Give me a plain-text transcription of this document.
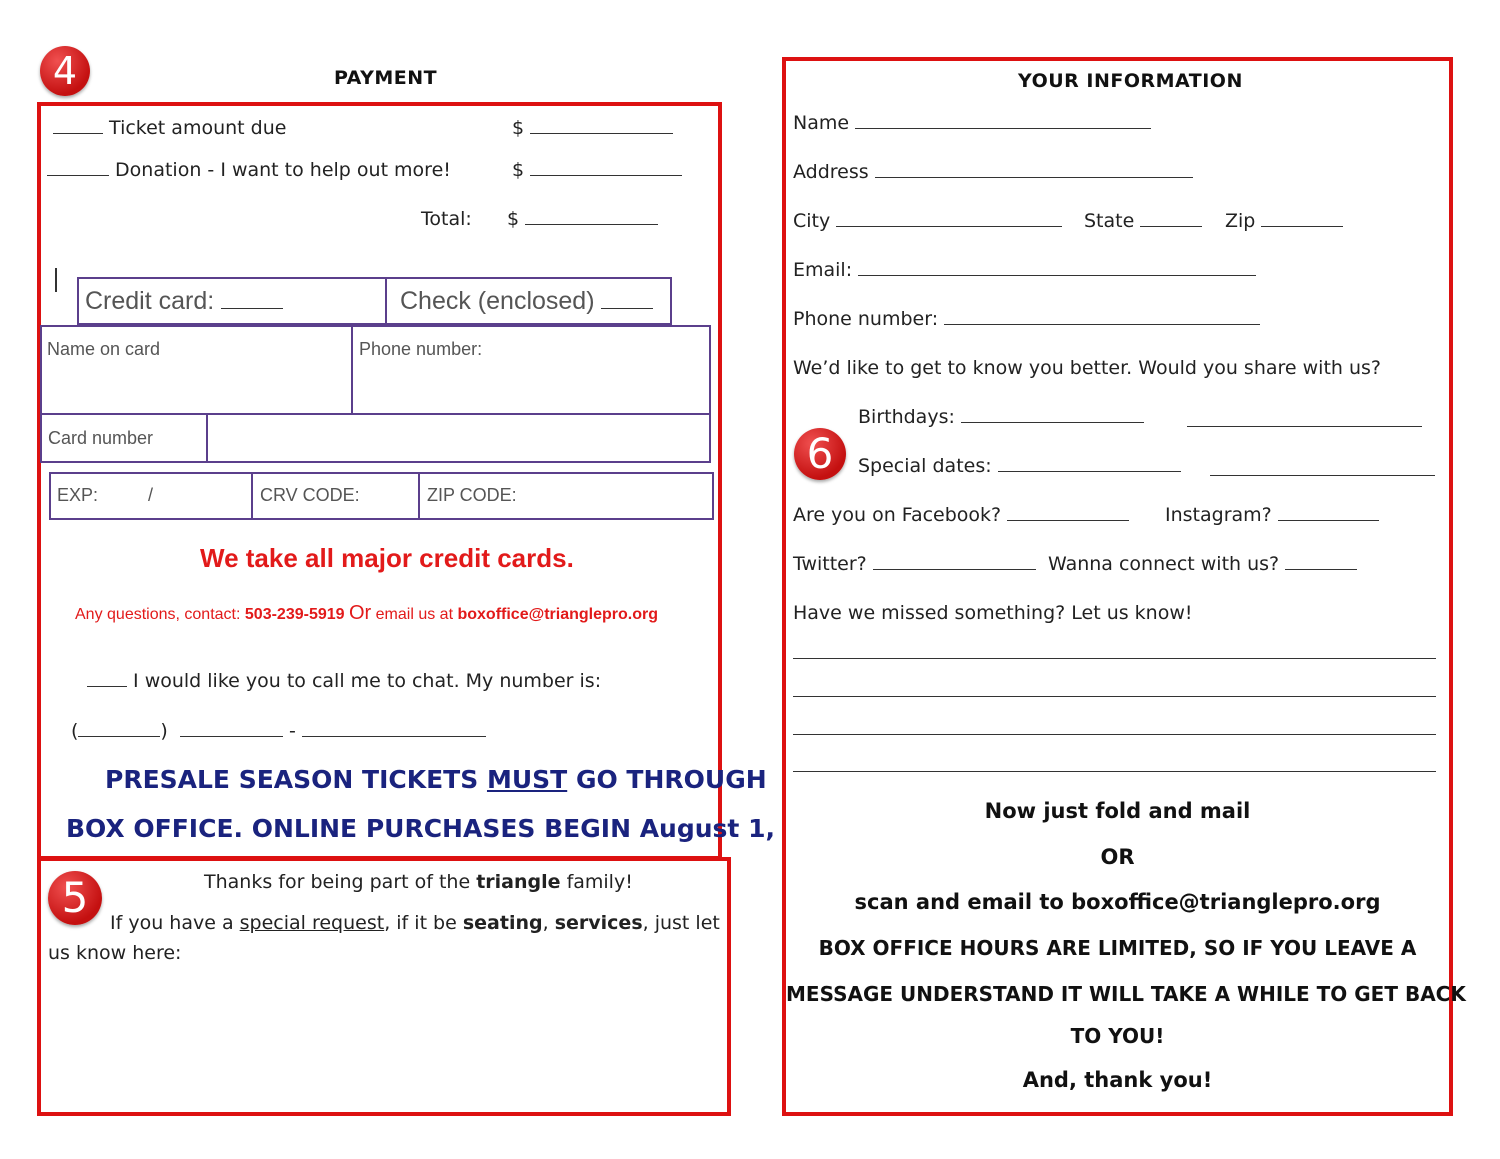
4	PAYMENT
Ticket amount due	$
Donation - I want to help out more!	$
Total: $
Credit card:	Check (enclosed)
Name on card	Phone number:
Card number
EXP:	/	CRV CODE:	ZIP CODE:
We take all major credit cards.
Any questions, contact: 503-239-5919 Or email us at boxoffice@trianglepro.org
I would like you to call me to chat. My number is:
(	)	-
PRESALE SEASON TICKETS MUST GO THROUGH
BOX OFFICE. ONLINE PURCHASES BEGIN August 1,
5	Thanks for being part of the triangle family!
If you have a special request, if it be seating, services, just let
us know here:
YOUR INFORMATION
Name
Address
City	State	Zip
Email:
Phone number:
We’d like to get to know you better. Would you share with us?
Birthdays:
6	Special dates:
Are you on Facebook?	Instagram?
Twitter?	Wanna connect with us?
Have we missed something? Let us know!
Now just fold and mail
OR
scan and email to boxoffice@trianglepro.org
BOX OFFICE HOURS ARE LIMITED, SO IF YOU LEAVE A
MESSAGE UNDERSTAND IT WILL TAKE A WHILE TO GET BACK
TO YOU!
And, thank you!
